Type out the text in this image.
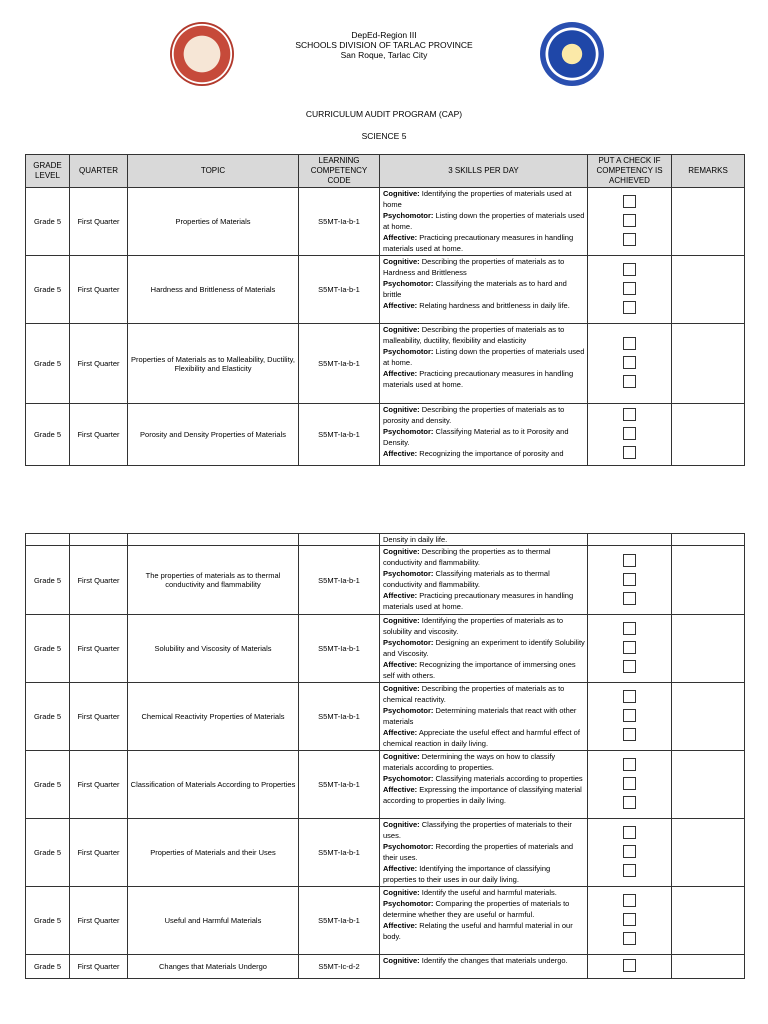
DepEd-Region III
SCHOOLS DIVISION OF TARLAC PROVINCE
San Roque, Tarlac City
CURRICULUM AUDIT PROGRAM (CAP)
SCIENCE 5
GRADE LEVEL	QUARTER	TOPIC	LEARNING COMPETENCY CODE	3 SKILLS PER DAY	PUT A CHECK IF COMPETENCY IS ACHIEVED	REMARKS
Grade 5	First Quarter	Properties of Materials	S5MT-Ia-b-1	Cognitive: Identifying the properties of materials used at home
Psychomotor: Listing down the properties of materials used at home.
Affective: Practicing precautionary measures in handling materials used at home.		

Grade 5	First Quarter	Hardness and Brittleness of Materials	S5MT-Ia-b-1	Cognitive: Describing the properties of materials as to Hardness and Brittleness
Psychomotor: Classifying the materials as to hard and brittle
Affective: Relating hardness and brittleness in daily life.		

Grade 5	First Quarter	Properties of Materials as to Malleability, Ductility, Flexibility and Elasticity	S5MT-Ia-b-1	Cognitive: Describing the properties of materials as to malleability, ductility, flexibility and elasticity
Psychomotor: Listing down the properties of materials used at home.
Affective: Practicing precautionary measures in handling materials used at home.		

Grade 5	First Quarter	Porosity and Density Properties of Materials	S5MT-Ia-b-1	Cognitive: Describing the properties of materials as to porosity and density.
Psychomotor: Classifying Material as to it Porosity and Density.
Affective: Recognizing the importance of porosity and		

				Density in daily life.		
Grade 5	First Quarter	The properties of materials as to thermal conductivity and flammability	S5MT-Ia-b-1	Cognitive: Describing the properties as to thermal conductivity and flammability.
Psychomotor: Classifying materials as to thermal conductivity and flammability.
Affective: Practicing precautionary measures in handling materials used at home.		

Grade 5	First Quarter	Solubility and Viscosity of Materials	S5MT-Ia-b-1	Cognitive: Identifying the properties of materials as to solubility and viscosity.
Psychomotor: Designing an experiment to identify Solubility and Viscosity.
Affective: Recognizing the importance of immersing ones self with others.		

Grade 5	First Quarter	Chemical Reactivity Properties of Materials	S5MT-Ia-b-1	Cognitive: Describing the properties of materials as to chemical reactivity.
Psychomotor: Determining materials that react with other materials
Affective: Appreciate the useful effect and harmful effect of chemical reaction in daily living.		

Grade 5	First Quarter	Classification of Materials According to Properties	S5MT-Ia-b-1	Cognitive: Determining the ways on how to classify materials according to properties.
Psychomotor: Classifying materials according to properties
Affective: Expressing the importance of classifying material according to properties in daily living.		

Grade 5	First Quarter	Properties of Materials and their Uses	S5MT-Ia-b-1	Cognitive: Classifying the properties of materials to their uses.
Psychomotor: Recording the properties of materials and their uses.
Affective: Identifying the importance of classifying properties to their uses in our daily living.		

Grade 5	First Quarter	Useful and Harmful Materials	S5MT-Ia-b-1	Cognitive: Identify the useful and harmful materials.
Psychomotor: Comparing the properties of materials to determine whether they are useful or harmful.
Affective: Relating the useful and harmful material in our body.		

Grade 5	First Quarter	Changes that Materials Undergo	S5MT-Ic-d-2	Cognitive: Identify the changes that materials undergo.		
